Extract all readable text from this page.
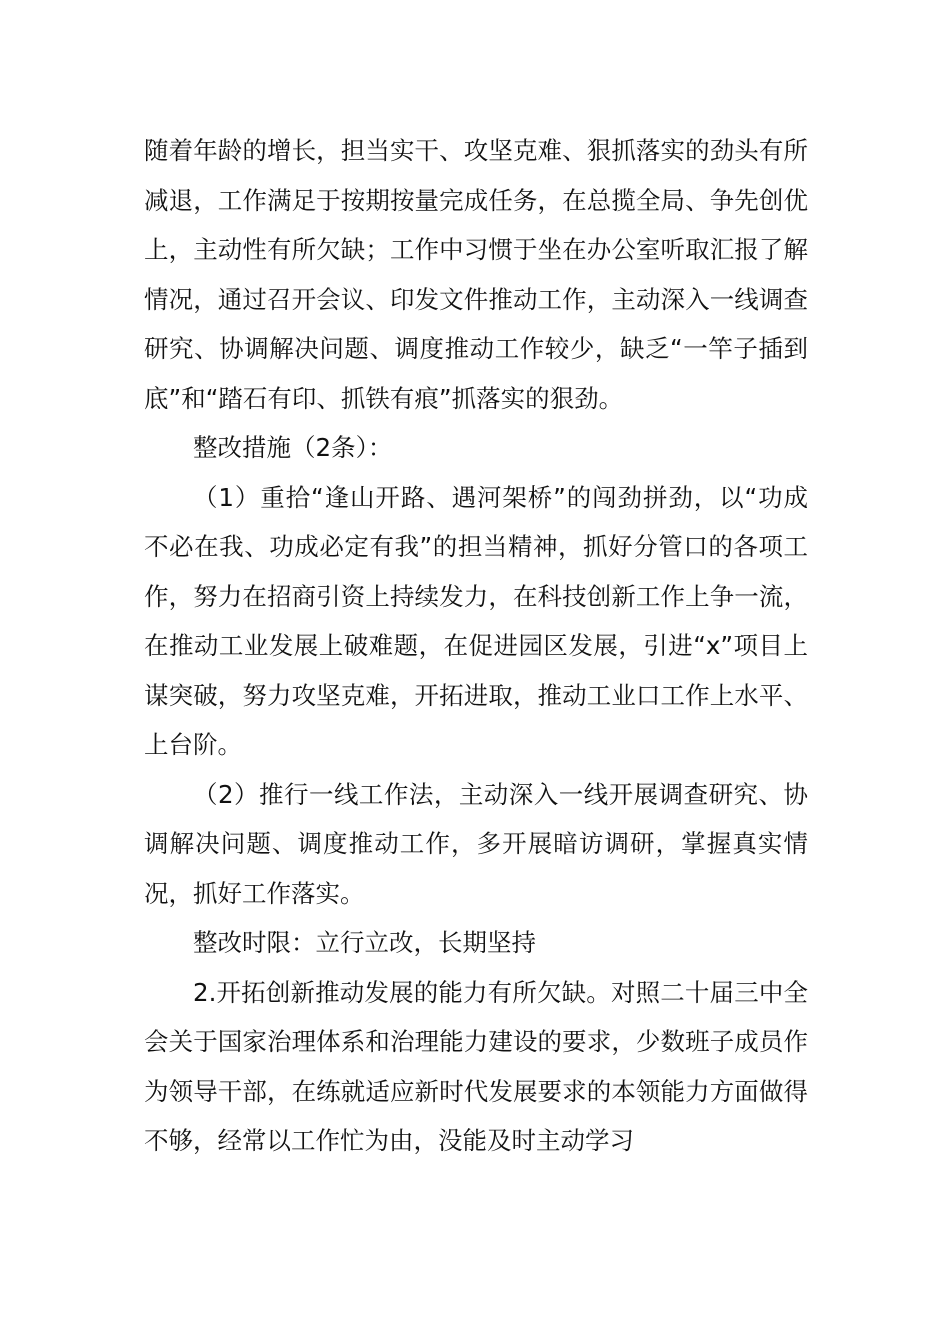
随着年龄的增长，担当实干、攻坚克难、狠抓落实的劲头有所减退，工作满足于按期按量完成任务，在总揽全局、争先创优上，主动性有所欠缺；工作中习惯于坐在办公室听取汇报了解情况，通过召开会议、印发文件推动工作，主动深入一线调查研究、协调解决问题、调度推动工作较少，缺乏“一竿子插到底”和“踏石有印、抓铁有痕”抓落实的狠劲。

整改措施（2条）：

（1）重拾“逢山开路、遇河架桥”的闯劲拼劲，以“功成不必在我、功成必定有我”的担当精神，抓好分管口的各项工作，努力在招商引资上持续发力，在科技创新工作上争一流，在推动工业发展上破难题，在促进园区发展，引进“x”项目上谋突破，努力攻坚克难，开拓进取，推动工业口工作上水平、上台阶。

（2）推行一线工作法，主动深入一线开展调查研究、协调解决问题、调度推动工作，多开展暗访调研，掌握真实情况，抓好工作落实。

整改时限：立行立改，长期坚持

2.开拓创新推动发展的能力有所欠缺。对照二十届三中全会关于国家治理体系和治理能力建设的要求，少数班子成员作为领导干部，在练就适应新时代发展要求的本领能力方面做得不够，经常以工作忙为由，没能及时主动学习
